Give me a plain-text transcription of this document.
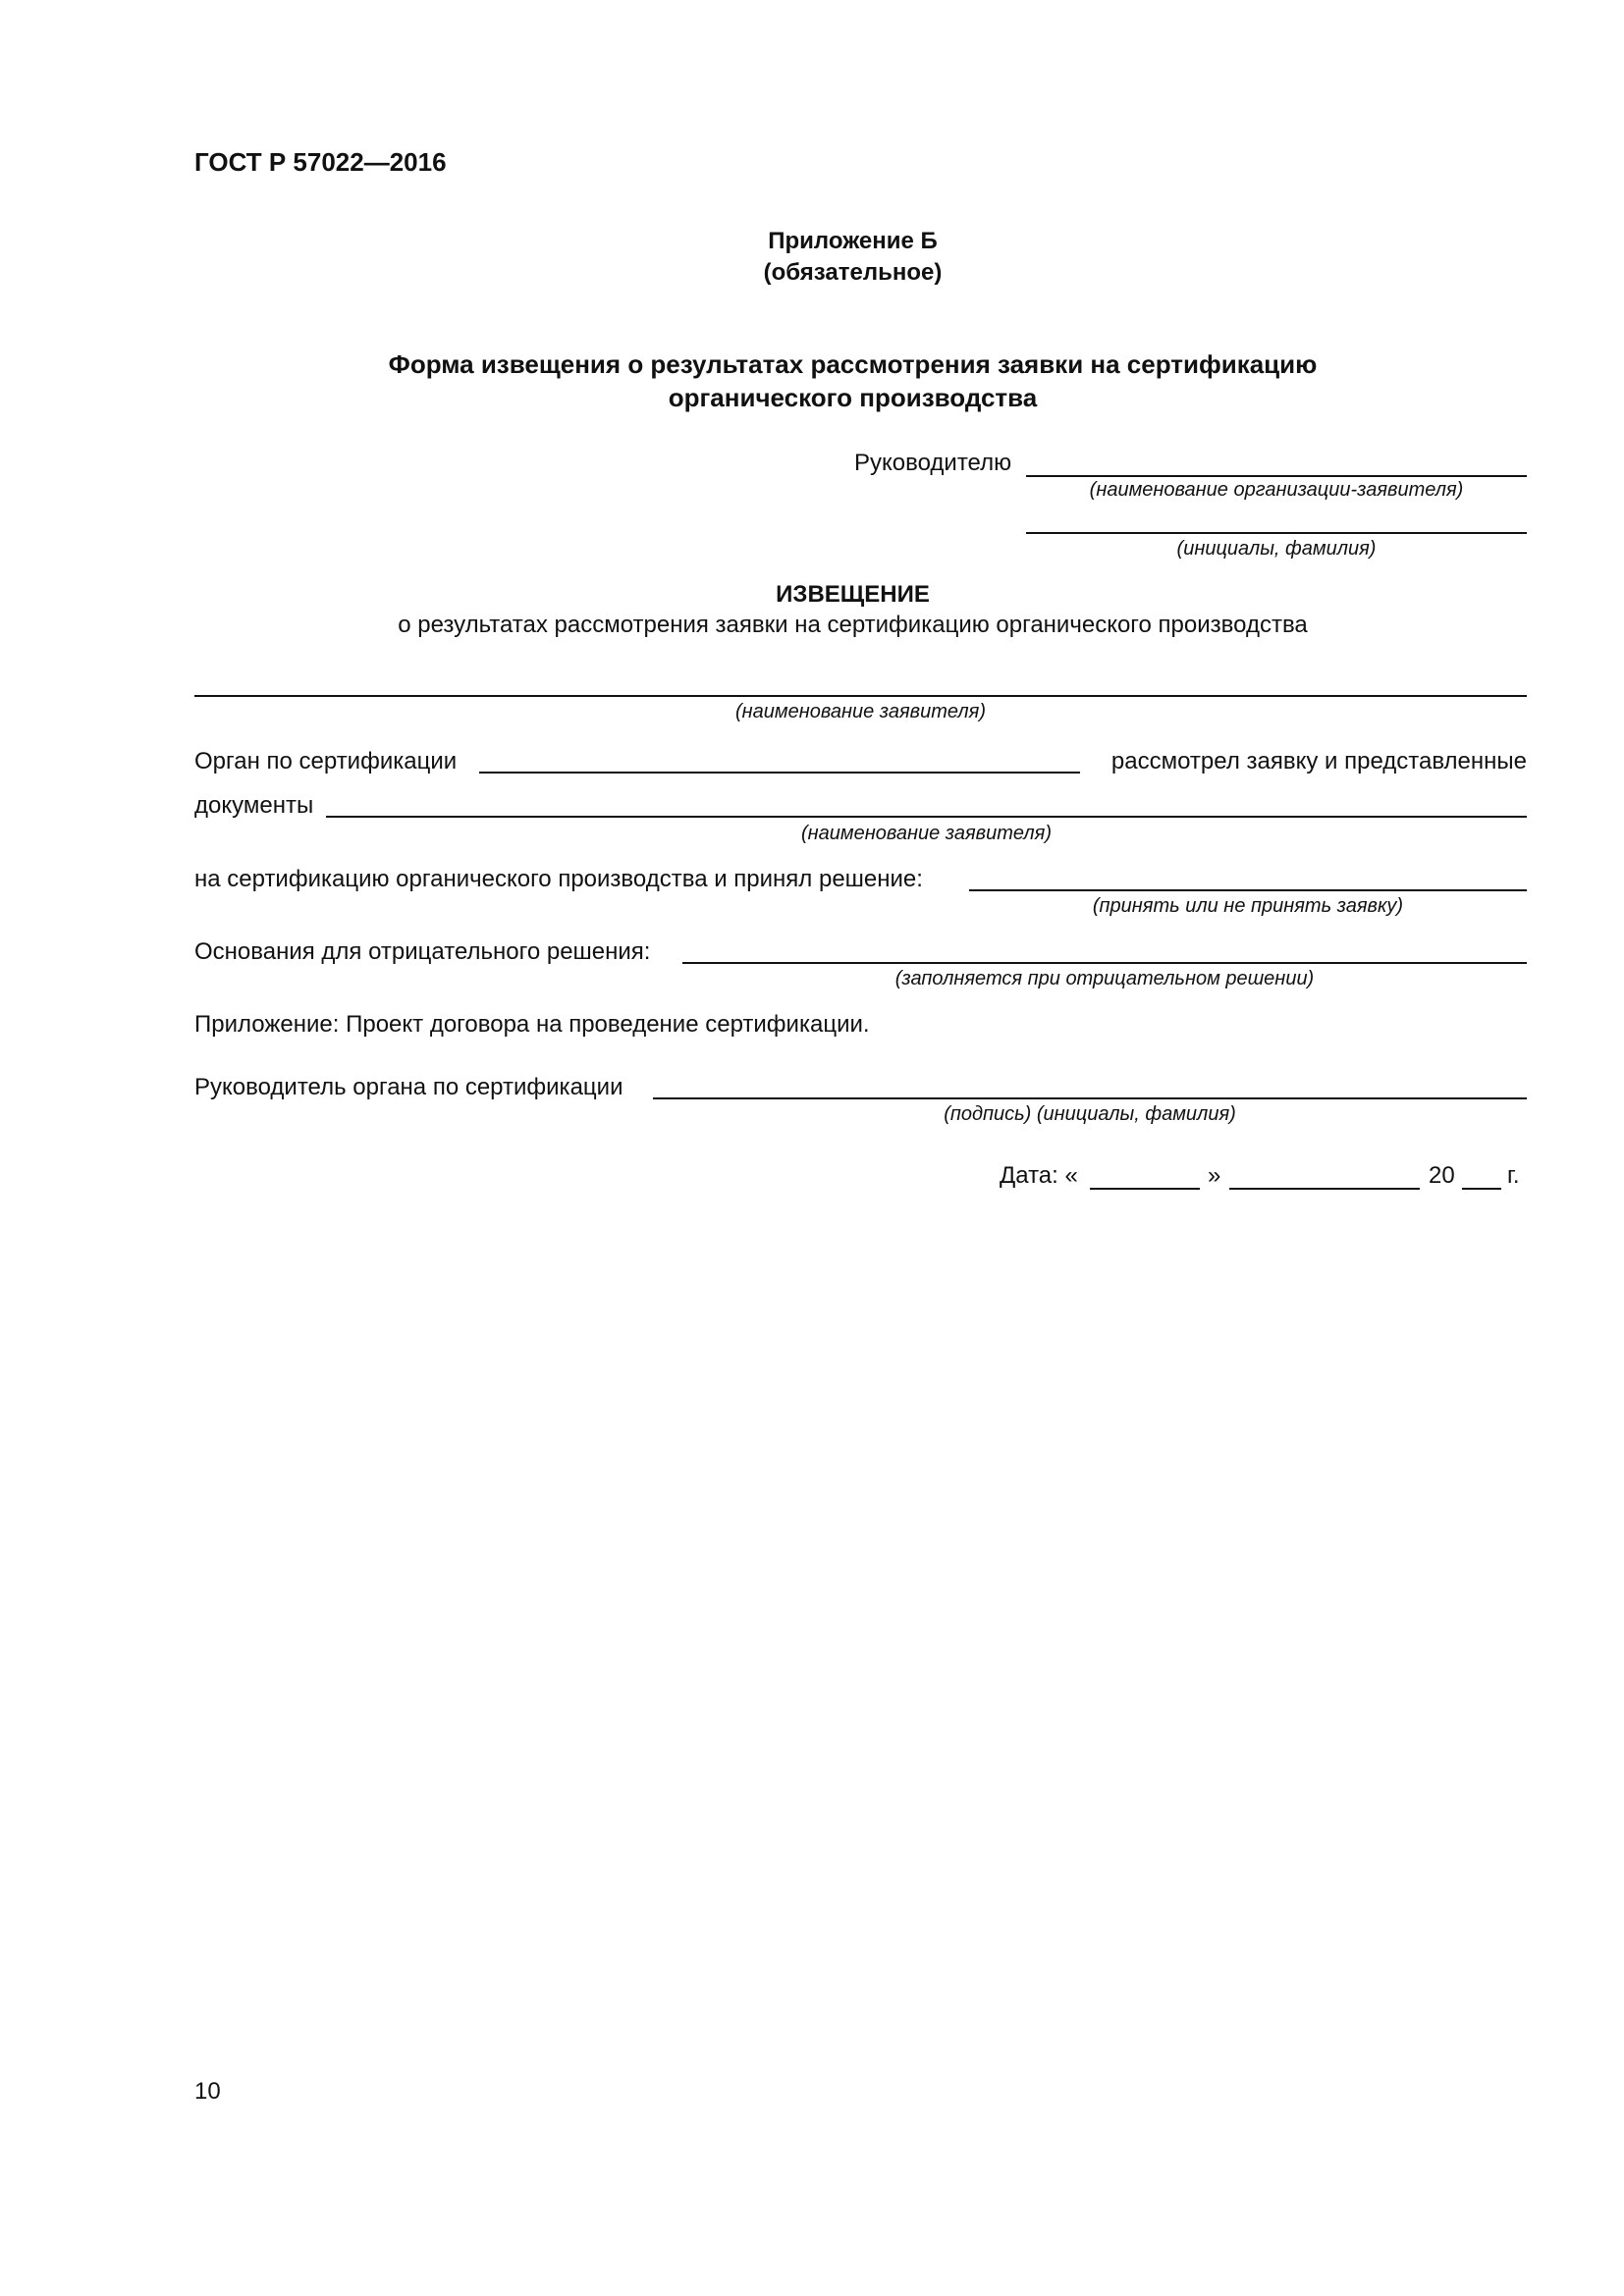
ГОСТ Р 57022—2016
Приложение Б
(обязательное)
Форма извещения о результатах рассмотрения заявки на сертификацию
органического производства
Руководителю
(наименование организации-заявителя)
(инициалы, фамилия)
ИЗВЕЩЕНИЕ
о результатах рассмотрения заявки на сертификацию органического производства
(наименование заявителя)
Орган по сертификации	рассмотрел заявку и представленные
документы
(наименование заявителя)
на сертификацию органического производства и принял решение:
(принять или не принять заявку)
Основания для отрицательного решения:
(заполняется при отрицательном решении)
Приложение: Проект договора на проведение сертификации.
Руководитель органа по сертификации
(подпись) (инициалы, фамилия)
Дата: «	»	20 г.
10
